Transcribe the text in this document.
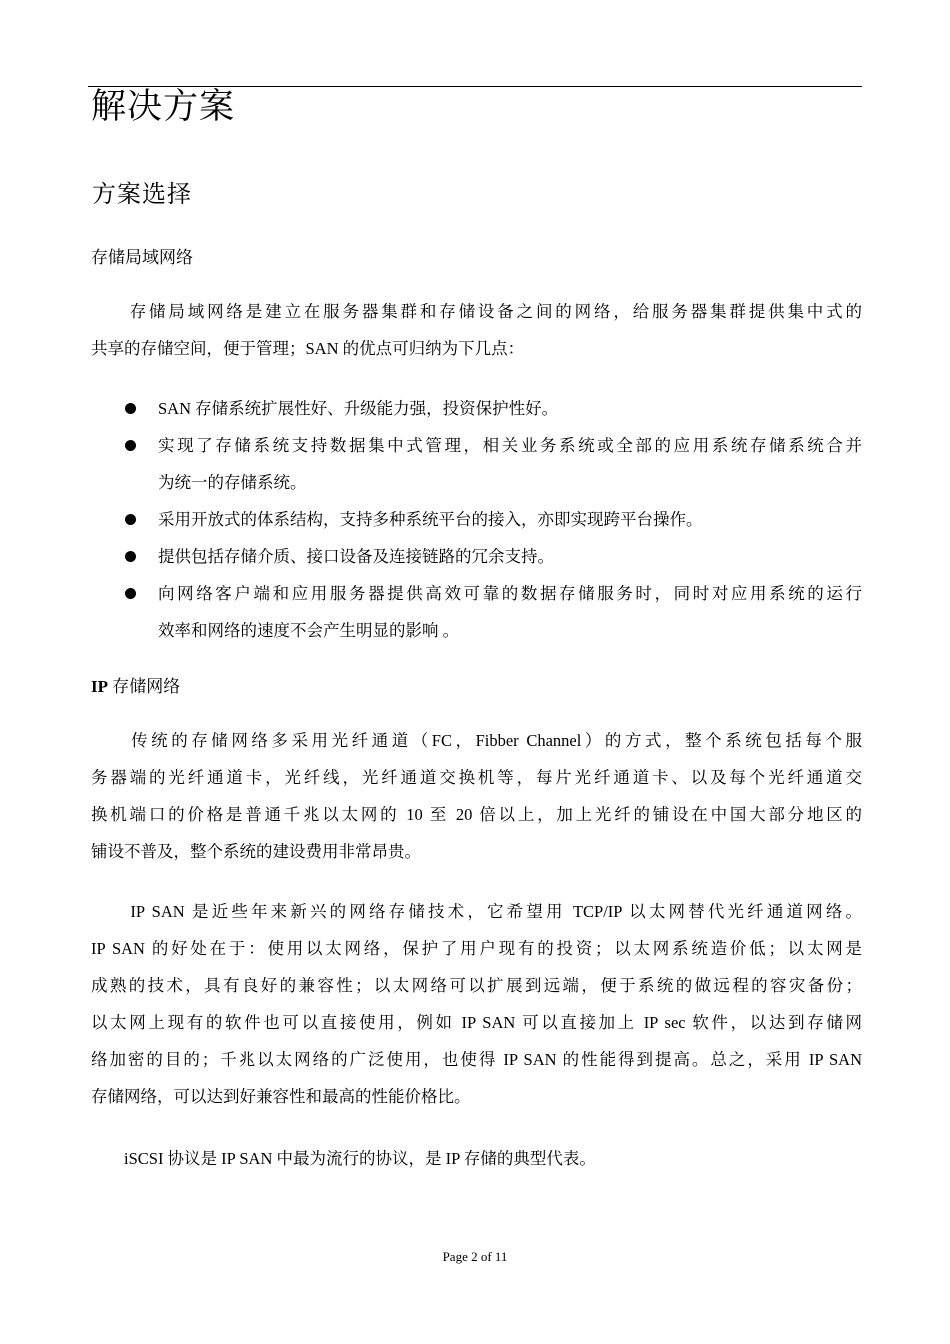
解决方案
方案选择
存储局域网络
　　存储局域网络是建立在服务器集群和存储设备之间的网络，给服务器集群提供集中式的
共享的存储空间，便于管理；SAN 的优点可归纳为下几点：
SAN 存储系统扩展性好、升级能力强，投资保护性好。
实现了存储系统支持数据集中式管理，相关业务系统或全部的应用系统存储系统合并
为统一的存储系统。
采用开放式的体系结构，支持多种系统平台的接入，亦即实现跨平台操作。
提供包括存储介质、接口设备及连接链路的冗余支持。
向网络客户端和应用服务器提供高效可靠的数据存储服务时，同时对应用系统的运行
效率和网络的速度不会产生明显的影响 。
IP 存储网络
　　传统的存储网络多采用光纤通道（FC，Fibber Channel）的方式，整个系统包括每个服
务器端的光纤通道卡，光纤线，光纤通道交换机等，每片光纤通道卡、以及每个光纤通道交
换机端口的价格是普通千兆以太网的 10 至 20 倍以上，加上光纤的铺设在中国大部分地区的
铺设不普及，整个系统的建设费用非常昂贵。
　　IP SAN 是近些年来新兴的网络存储技术，它希望用 TCP/IP 以太网替代光纤通道网络。
IP SAN 的好处在于：使用以太网络，保护了用户现有的投资；以太网系统造价低；以太网是
成熟的技术，具有良好的兼容性；以太网络可以扩展到远端，便于系统的做远程的容灾备份；
以太网上现有的软件也可以直接使用，例如 IP SAN 可以直接加上 IP sec 软件，以达到存储网
络加密的目的；千兆以太网络的广泛使用，也使得 IP SAN 的性能得到提高。总之，采用 IP SAN
存储网络，可以达到好兼容性和最高的性能价格比。
　　iSCSI 协议是 IP SAN 中最为流行的协议，是 IP 存储的典型代表。
Page 2 of 11
